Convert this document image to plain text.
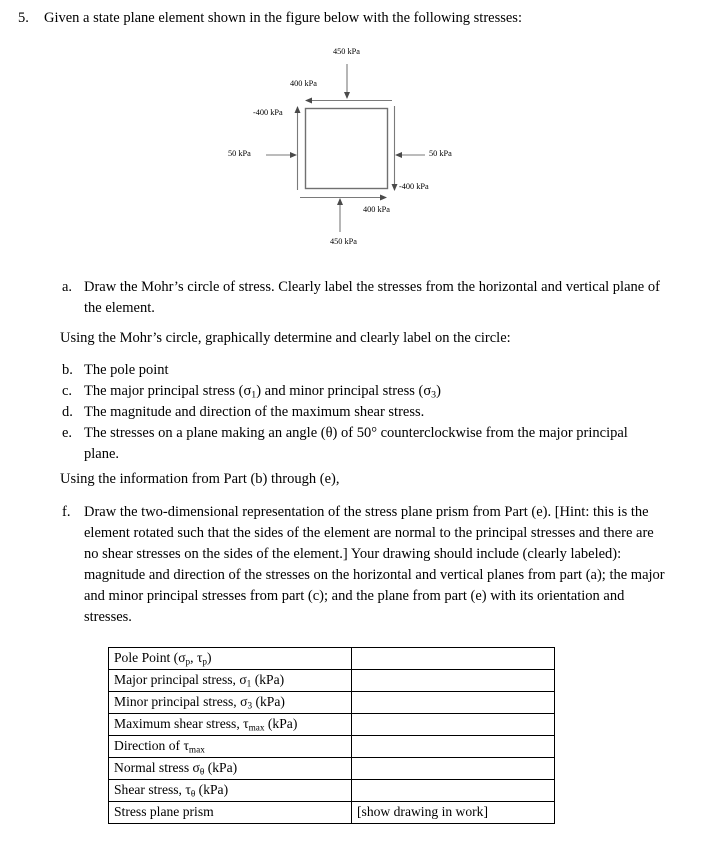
5.	Given a state plane element shown in the figure below with the following stresses:
450 kPa
400 kPa
-400 kPa
50 kPa	50 kPa
-400 kPa
400 kPa
450 kPa
a. Draw the Mohr’s circle of stress. Clearly label the stresses from the horizontal and vertical plane of the element.
Using the Mohr’s circle, graphically determine and clearly label on the circle:
b. The pole point
c. The major principal stress $(\sigma_1)$ and minor principal stress $(\sigma_3)$
d. The magnitude and direction of the maximum shear stress.
e. The stresses on a plane making an angle (θ) of 50° counterclockwise from the major principal plane.
Using the information from Part (b) through (e),
f. Draw the two-dimensional representation of the stress plane prism from Part (e). [Hint: this is the element rotated such that the sides of the element are normal to the principal stresses and there are no shear stresses on the sides of the element.] Your drawing should include (clearly labeled): magnitude and direction of the stresses on the horizontal and vertical planes from part (a); the major and minor principal stresses from part (c); and the plane from part (e) with its orientation and stresses.
Pole Point ($\sigma_p$, $\tau_p$)	
Major principal stress, $\sigma_1$ (kPa)	
Minor principal stress, $\sigma_3$ (kPa)	
Maximum shear stress, $\tau_{max}$ (kPa)	
Direction of $\tau_{max}$	
Normal stress $\sigma_\theta$ (kPa)	
Shear stress, $\tau_\theta$ (kPa)	
Stress plane prism	[show drawing in work]
